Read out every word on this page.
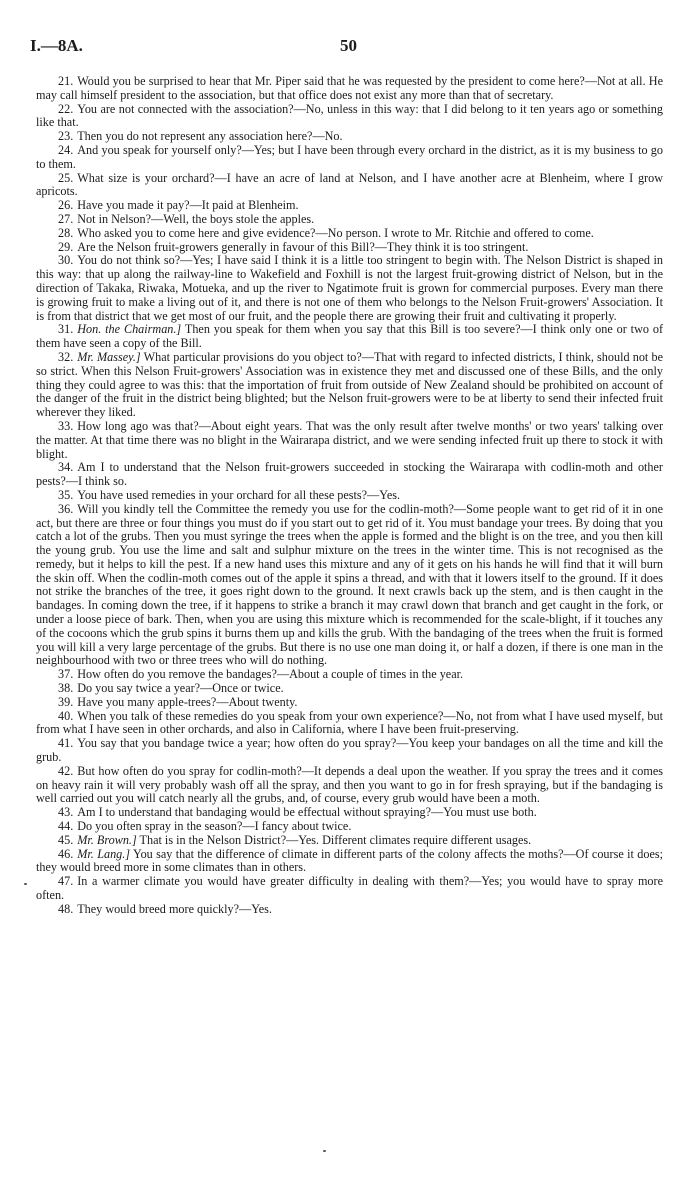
I.—8A.	50

21. Would you be surprised to hear that Mr. Piper said that he was requested by the president to come here?—Not at all. He may call himself president to the association, but that office does not exist any more than that of secretary.

22. You are not connected with the association?—No, unless in this way: that I did belong to it ten years ago or something like that.

23. Then you do not represent any association here?—No.

24. And you speak for yourself only?—Yes; but I have been through every orchard in the district, as it is my business to go to them.

25. What size is your orchard?—I have an acre of land at Nelson, and I have another acre at Blenheim, where I grow apricots.

26. Have you made it pay?—It paid at Blenheim.

27. Not in Nelson?—Well, the boys stole the apples.

28. Who asked you to come here and give evidence?—No person. I wrote to Mr. Ritchie and offered to come.

29. Are the Nelson fruit-growers generally in favour of this Bill?—They think it is too stringent.

30. You do not think so?—Yes; I have said I think it is a little too stringent to begin with. The Nelson District is shaped in this way: that up along the railway-line to Wakefield and Foxhill is not the largest fruit-growing district of Nelson, but in the direction of Takaka, Riwaka, Motueka, and up the river to Ngatimote fruit is grown for commercial purposes. Every man there is growing fruit to make a living out of it, and there is not one of them who belongs to the Nelson Fruit-growers' Association. It is from that district that we get most of our fruit, and the people there are growing their fruit and cultivating it properly.

31. Hon. the Chairman.] Then you speak for them when you say that this Bill is too severe?—I think only one or two of them have seen a copy of the Bill.

32. Mr. Massey.] What particular provisions do you object to?—That with regard to infected districts, I think, should not be so strict. When this Nelson Fruit-growers' Association was in existence they met and discussed one of these Bills, and the only thing they could agree to was this: that the importation of fruit from outside of New Zealand should be prohibited on account of the danger of the fruit in the district being blighted; but the Nelson fruit-growers were to be at liberty to send their infected fruit wherever they liked.

33. How long ago was that?—About eight years. That was the only result after twelve months' or two years' talking over the matter. At that time there was no blight in the Wairarapa district, and we were sending infected fruit up there to stock it with blight.

34. Am I to understand that the Nelson fruit-growers succeeded in stocking the Wairarapa with codlin-moth and other pests?—I think so.

35. You have used remedies in your orchard for all these pests?—Yes.

36. Will you kindly tell the Committee the remedy you use for the codlin-moth?—Some people want to get rid of it in one act, but there are three or four things you must do if you start out to get rid of it. You must bandage your trees. By doing that you catch a lot of the grubs. Then you must syringe the trees when the apple is formed and the blight is on the tree, and you then kill the young grub. You use the lime and salt and sulphur mixture on the trees in the winter time. This is not recognised as the remedy, but it helps to kill the pest. If a new hand uses this mixture and any of it gets on his hands he will find that it will burn the skin off. When the codlin-moth comes out of the apple it spins a thread, and with that it lowers itself to the ground. If it does not strike the branches of the tree, it goes right down to the ground. It next crawls back up the stem, and is then caught in the bandages. In coming down the tree, if it happens to strike a branch it may crawl down that branch and get caught in the fork, or under a loose piece of bark. Then, when you are using this mixture which is recommended for the scale-blight, if it touches any of the cocoons which the grub spins it burns them up and kills the grub. With the bandaging of the trees when the fruit is formed you will kill a very large percentage of the grubs. But there is no use one man doing it, or half a dozen, if there is one man in the neighbourhood with two or three trees who will do nothing.

37. How often do you remove the bandages?—About a couple of times in the year.

38. Do you say twice a year?—Once or twice.

39. Have you many apple-trees?—About twenty.

40. When you talk of these remedies do you speak from your own experience?—No, not from what I have used myself, but from what I have seen in other orchards, and also in California, where I have been fruit-preserving.

41. You say that you bandage twice a year; how often do you spray?—You keep your bandages on all the time and kill the grub.

42. But how often do you spray for codlin-moth?—It depends a deal upon the weather. If you spray the trees and it comes on heavy rain it will very probably wash off all the spray, and then you want to go in for fresh spraying, but if the bandaging is well carried out you will catch nearly all the grubs, and, of course, every grub would have been a moth.

43. Am I to understand that bandaging would be effectual without spraying?—You must use both.

44. Do you often spray in the season?—I fancy about twice.

45. Mr. Brown.] That is in the Nelson District?—Yes. Different climates require different usages.

46. Mr. Lang.] You say that the difference of climate in different parts of the colony affects the moths?—Of course it does; they would breed more in some climates than in others.

47. In a warmer climate you would have greater difficulty in dealing with them?—Yes; you would have to spray more often.

48. They would breed more quickly?—Yes.
